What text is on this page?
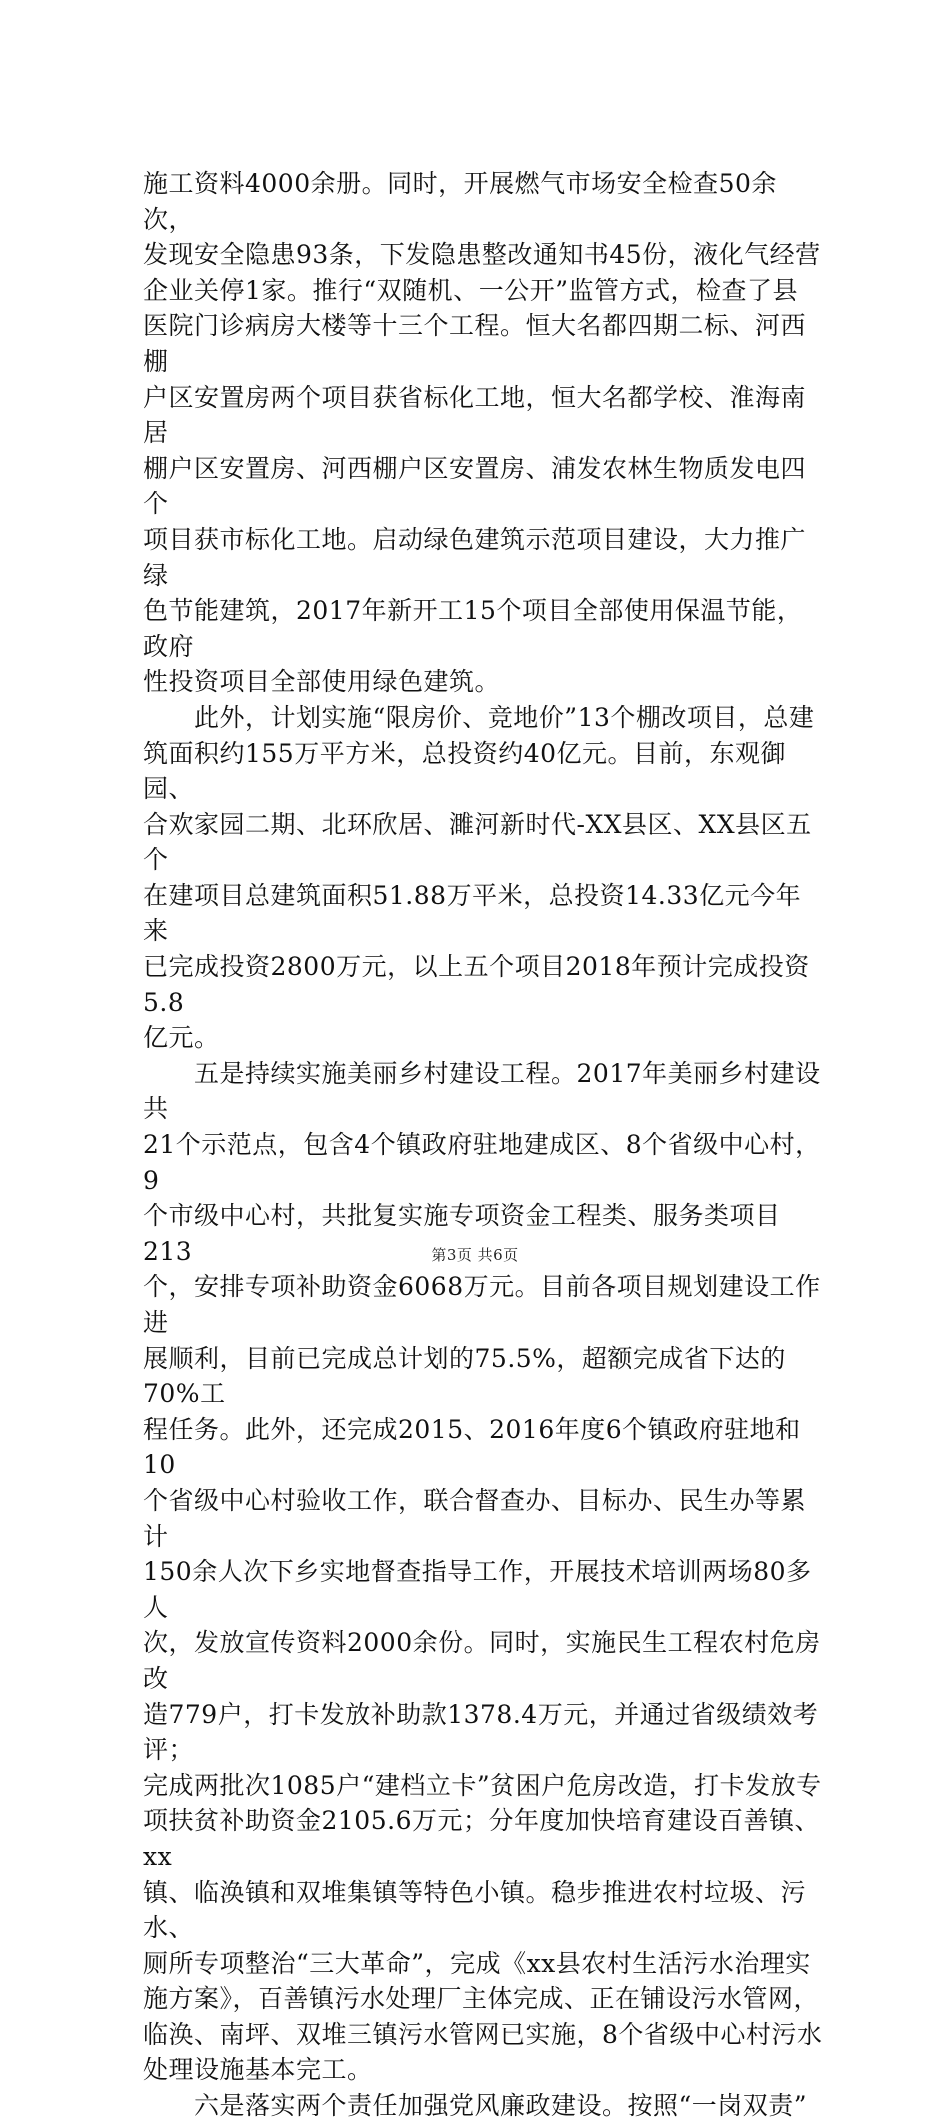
施工资料4000余册。同时，开展燃气市场安全检查50余次，
发现安全隐患93条，下发隐患整改通知书45份，液化气经营
企业关停1家。推行“双随机、一公开”监管方式，检查了县
医院门诊病房大楼等十三个工程。恒大名都四期二标、河西棚
户区安置房两个项目获省标化工地，恒大名都学校、淮海南居
棚户区安置房、河西棚户区安置房、浦发农林生物质发电四个
项目获市标化工地。启动绿色建筑示范项目建设，大力推广绿
色节能建筑，2017年新开工15个项目全部使用保温节能，政府
性投资项目全部使用绿色建筑。

　　此外，计划实施“限房价、竞地价”13个棚改项目，总建
筑面积约155万平方米，总投资约40亿元。目前，东观御园、
合欢家园二期、北环欣居、濉河新时代-XX县区、XX县区五个
在建项目总建筑面积51.88万平米，总投资14.33亿元今年来
已完成投资2800万元，以上五个项目2018年预计完成投资5.8
亿元。

　　五是持续实施美丽乡村建设工程。2017年美丽乡村建设共
21个示范点，包含4个镇政府驻地建成区、8个省级中心村，9
个市级中心村，共批复实施专项资金工程类、服务类项目213
个，安排专项补助资金6068万元。目前各项目规划建设工作进
展顺利，目前已完成总计划的75.5%，超额完成省下达的70%工
程任务。此外，还完成2015、2016年度6个镇政府驻地和10
个省级中心村验收工作，联合督查办、目标办、民生办等累计
150余人次下乡实地督查指导工作，开展技术培训两场80多人
次，发放宣传资料2000余份。同时，实施民生工程农村危房改
造779户，打卡发放补助款1378.4万元，并通过省级绩效考评；
完成两批次1085户“建档立卡”贫困户危房改造，打卡发放专
项扶贫补助资金2105.6万元；分年度加快培育建设百善镇、xx
镇、临涣镇和双堆集镇等特色小镇。稳步推进农村垃圾、污水、
厕所专项整治“三大革命”，完成《xx县农村生活污水治理实
施方案》，百善镇污水处理厂主体完成、正在铺设污水管网，
临涣、南坪、双堆三镇污水管网已实施，8个省级中心村污水
处理设施基本完工。

　　六是落实两个责任加强党风廉政建设。按照“一岗双责”

第3页 共6页
